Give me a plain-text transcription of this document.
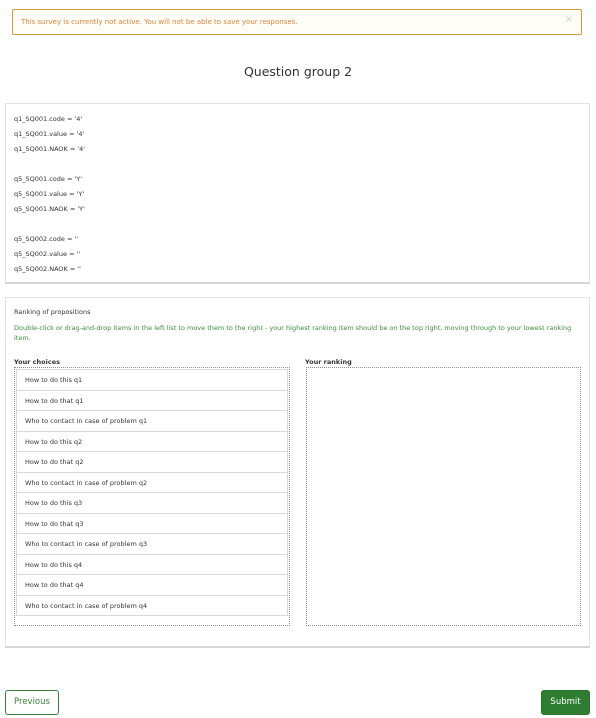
This survey is currently not active. You will not be able to save your responses.	×
Question group 2
q1_SQ001.code = '4'
q1_SQ001.value = '4'
q1_SQ001.NAOK = '4'
q5_SQ001.code = 'Y'
q5_SQ001.value = 'Y'
q5_SQ001.NAOK = 'Y'
q5_SQ002.code = ''
q5_SQ002.value = ''
q5_SQ002.NAOK = ''
Ranking of propositions
Double-click or drag-and-drop items in the left list to move them to the right - your highest ranking item should be on the top right, moving through to your lowest ranking item.
Your choices	Your ranking
How to do this q1
How to do that q1
Who to contact in case of problem q1
How to do this q2
How to do that q2
Who to contact in case of problem q2
How to do this q3
How to do that q3
Who to contact in case of problem q3
How to do this q4
How to do that q4
Who to contact in case of problem q4
Previous	Submit
